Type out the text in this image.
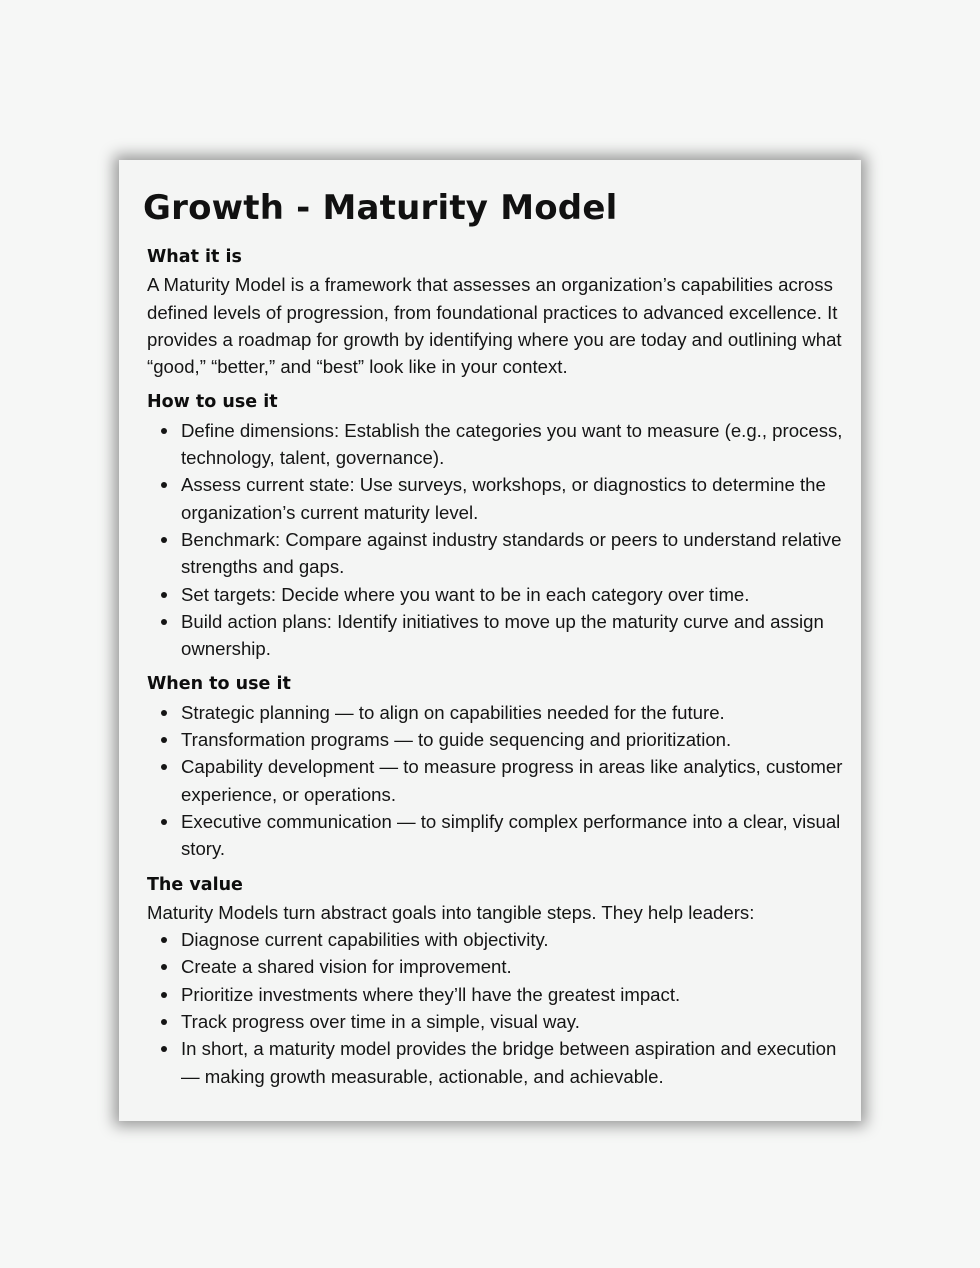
Growth - Maturity Model
What it is

A Maturity Model is a framework that assesses an organization’s capabilities across defined levels of progression, from foundational practices to advanced excellence. It provides a roadmap for growth by identifying where you are today and outlining what “good,” “better,” and “best” look like in your context.

How to use it
Define dimensions: Establish the categories you want to measure (e.g., process, technology, talent, governance).
Assess current state: Use surveys, workshops, or diagnostics to determine the organization’s current maturity level.
Benchmark: Compare against industry standards or peers to understand relative strengths and gaps.
Set targets: Decide where you want to be in each category over time.
Build action plans: Identify initiatives to move up the maturity curve and assign ownership.
When to use it
Strategic planning — to align on capabilities needed for the future.
Transformation programs — to guide sequencing and prioritization.
Capability development — to measure progress in areas like analytics, customer experience, or operations.
Executive communication — to simplify complex performance into a clear, visual story.
The value

Maturity Models turn abstract goals into tangible steps. They help leaders:

Diagnose current capabilities with objectivity.
Create a shared vision for improvement.
Prioritize investments where they’ll have the greatest impact.
Track progress over time in a simple, visual way.
In short, a maturity model provides the bridge between aspiration and execution — making growth measurable, actionable, and achievable.
